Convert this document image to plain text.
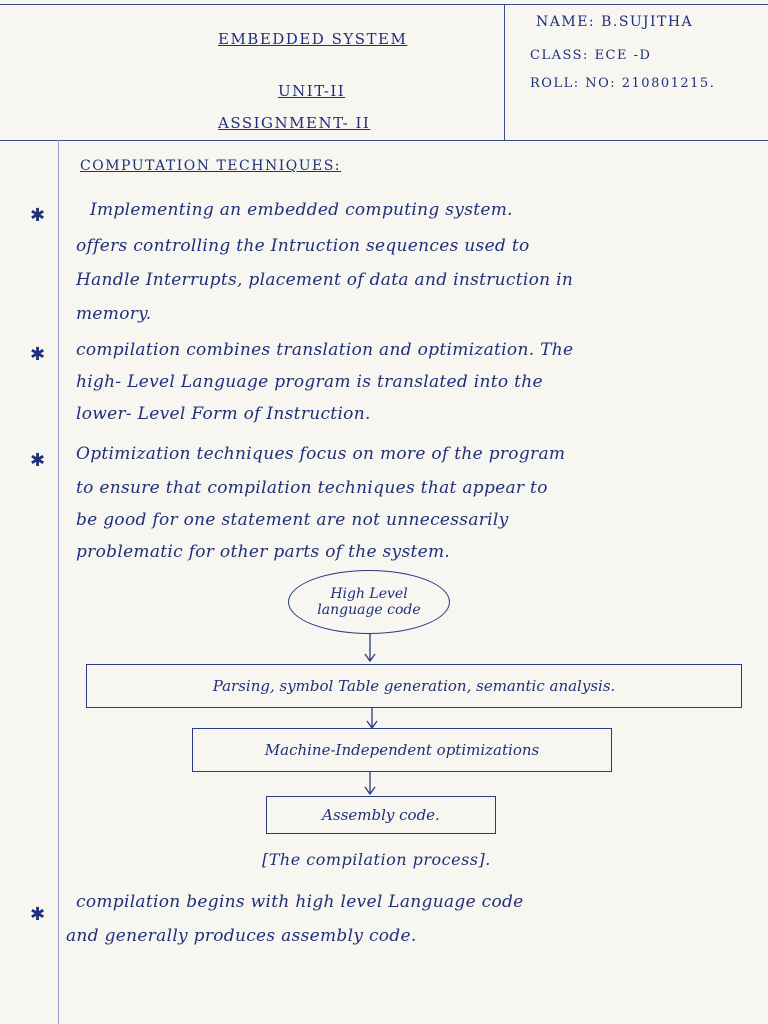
EMBEDDED SYSTEM
UNIT-II
ASSIGNMENT- II
NAME: B.SUJITHA
CLASS: ECE -D
ROLL: NO: 210801215.
COMPUTATION TECHNIQUES:
✱	Implementing an embedded computing system.
offers controlling the Intruction sequences used to
Handle Interrupts, placement of data and instruction in
memory.
✱ compilation combines translation and optimization. The
high- Level Language program is translated into the
lower- Level Form of Instruction.
✱ Optimization techniques focus on more of the program
to ensure that compilation techniques that appear to
be good for one statement are not unnecessarily
problematic for other parts of the system.
High Level
language code
Parsing, symbol Table generation, semantic analysis.
Machine-Independent optimizations
Assembly code.
[The compilation process].
✱
compilation begins with high level Language code
and generally produces assembly code.
